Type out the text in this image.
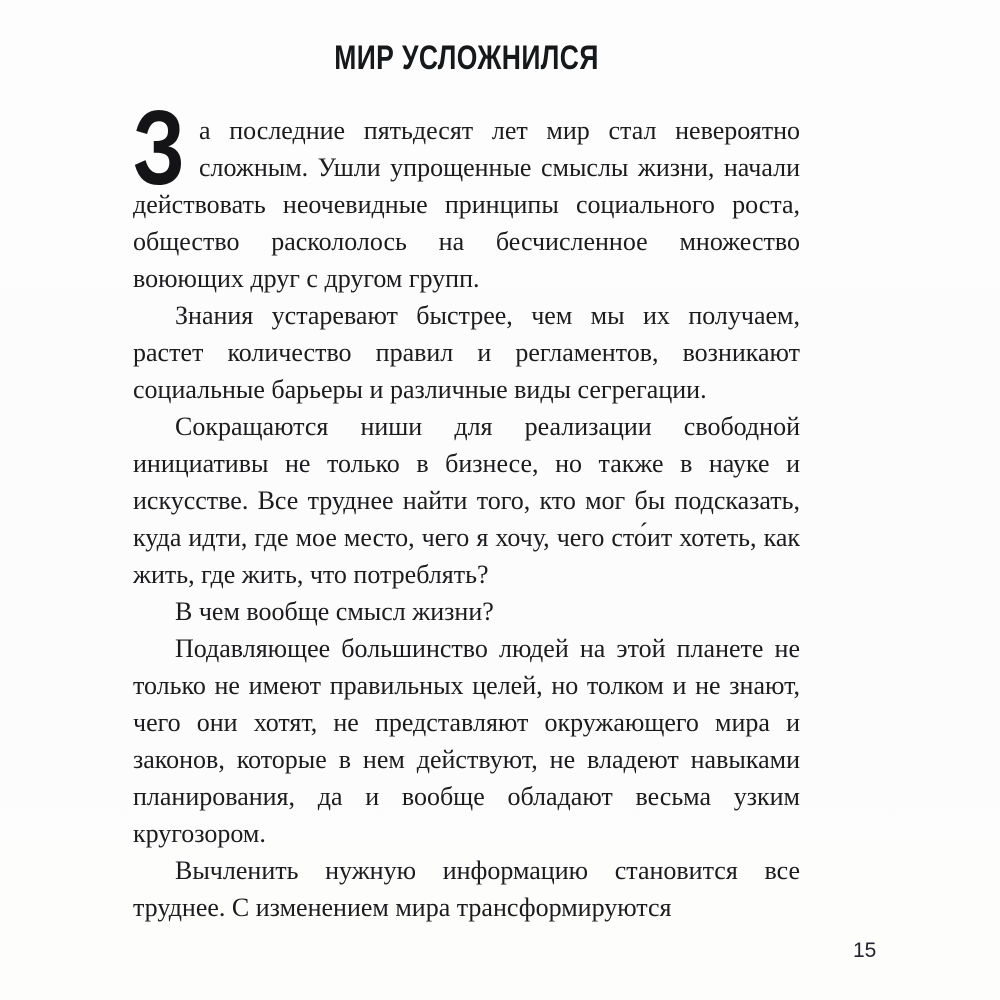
МИР УСЛОЖНИЛСЯ

За последние пятьдесят лет мир стал невероятно сложным. Ушли упрощенные смыслы жизни, начали действовать неочевидные принципы социального роста, общество раскололось на бесчисленное множество воюющих друг с другом групп.

Знания устаревают быстрее, чем мы их получаем, растет количество правил и регламентов, возникают социальные барьеры и различные виды сегрегации.

Сокращаются ниши для реализации свободной инициативы не только в бизнесе, но также в науке и искусстве. Все труднее найти того, кто мог бы подсказать, куда идти, где мое место, чего я хочу, чего сто́ит хотеть, как жить, где жить, что потреблять?

В чем вообще смысл жизни?

Подавляющее большинство людей на этой планете не только не имеют правильных целей, но толком и не знают, чего они хотят, не представляют окружающего мира и законов, которые в нем действуют, не владеют навыками планирования, да и вообще обладают весьма узким кругозором.

Вычленить нужную информацию становится все труднее. С изменением мира трансформируются

15
